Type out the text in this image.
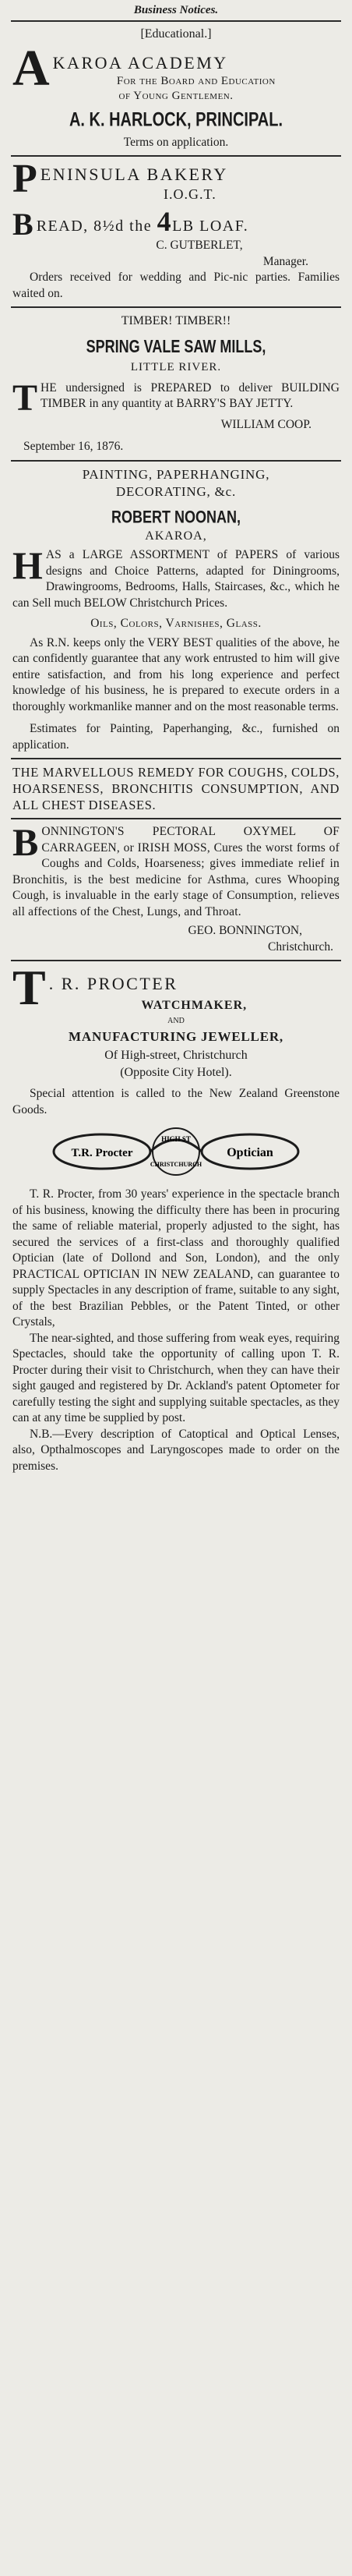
Business Notices.

[Educational.]

A KAROA ACADEMY

For the Board and Education

of Young Gentlemen.

A. K. HARLOCK, PRINCIPAL.

Terms on application.

P ENINSULA BAKERY

I.O.G.T.

B READ, 8½d the 4LB LOAF.

C. GUTBERLET,

Manager.

Orders received for wedding and Pic-nic parties. Families waited on.

TIMBER! TIMBER!!

SPRING VALE SAW MILLS,

LITTLE RIVER.

T HE undersigned is PREPARED to deliver BUILDING TIMBER in any quantity at BARRY'S BAY JETTY.

WILLIAM COOP.

September 16, 1876.

PAINTING, PAPERHANGING,

DECORATING, &c.

ROBERT NOONAN,

AKAROA,

H AS a LARGE ASSORTMENT of PAPERS of various designs and Choice Patterns, adapted for Diningrooms, Drawingrooms, Bedrooms, Halls, Staircases, &c., which he can Sell much BELOW Christchurch Prices.

Oils, Colors, Varnishes, Glass.

As R.N. keeps only the VERY BEST qualities of the above, he can confidently guarantee that any work entrusted to him will give entire satisfaction, and from his long experience and perfect knowledge of his business, he is prepared to execute orders in a thoroughly workmanlike manner and on the most reasonable terms.

Estimates for Painting, Paperhanging, &c., furnished on application.

THE MARVELLOUS REMEDY FOR COUGHS, COLDS, HOARSENESS, BRONCHITIS CONSUMPTION, AND ALL CHEST DISEASES.

B ONNINGTON'S PECTORAL OXYMEL OF CARRAGEEN, or IRISH MOSS, Cures the worst forms of Coughs and Colds, Hoarseness; gives immediate relief in Bronchitis, is the best medicine for Asthma, cures Whooping Cough, is invaluable in the early stage of Consumption, relieves all affections of the Chest, Lungs, and Throat.

GEO. BONNINGTON,

Christchurch.

T . R. PROCTER

WATCHMAKER,

AND

MANUFACTURING JEWELLER,

Of High-street, Christchurch

(Opposite City Hotel).

Special attention is called to the New Zealand Greenstone Goods.

T.R. Procter
HIGH ST
CHRISTCHURCH
Optician

T. R. Procter, from 30 years' experience in the spectacle branch of his business, knowing the difficulty there has been in procuring the same of reliable material, properly adjusted to the sight, has secured the services of a first-class and thoroughly qualified Optician (late of Dollond and Son, London), and the only PRACTICAL OPTICIAN IN NEW ZEALAND, can guarantee to supply Spectacles in any description of frame, suitable to any sight, of the best Brazilian Pebbles, or the Patent Tinted, or other Crystals,

The near-sighted, and those suffering from weak eyes, requiring Spectacles, should take the opportunity of calling upon T. R. Procter during their visit to Christchurch, when they can have their sight gauged and registered by Dr. Ackland's patent Optometer for carefully testing the sight and supplying suitable spectacles, as they can at any time be supplied by post.

N.B.—Every description of Catoptical and Optical Lenses, also, Opthalmoscopes and Laryngoscopes made to order on the premises.
